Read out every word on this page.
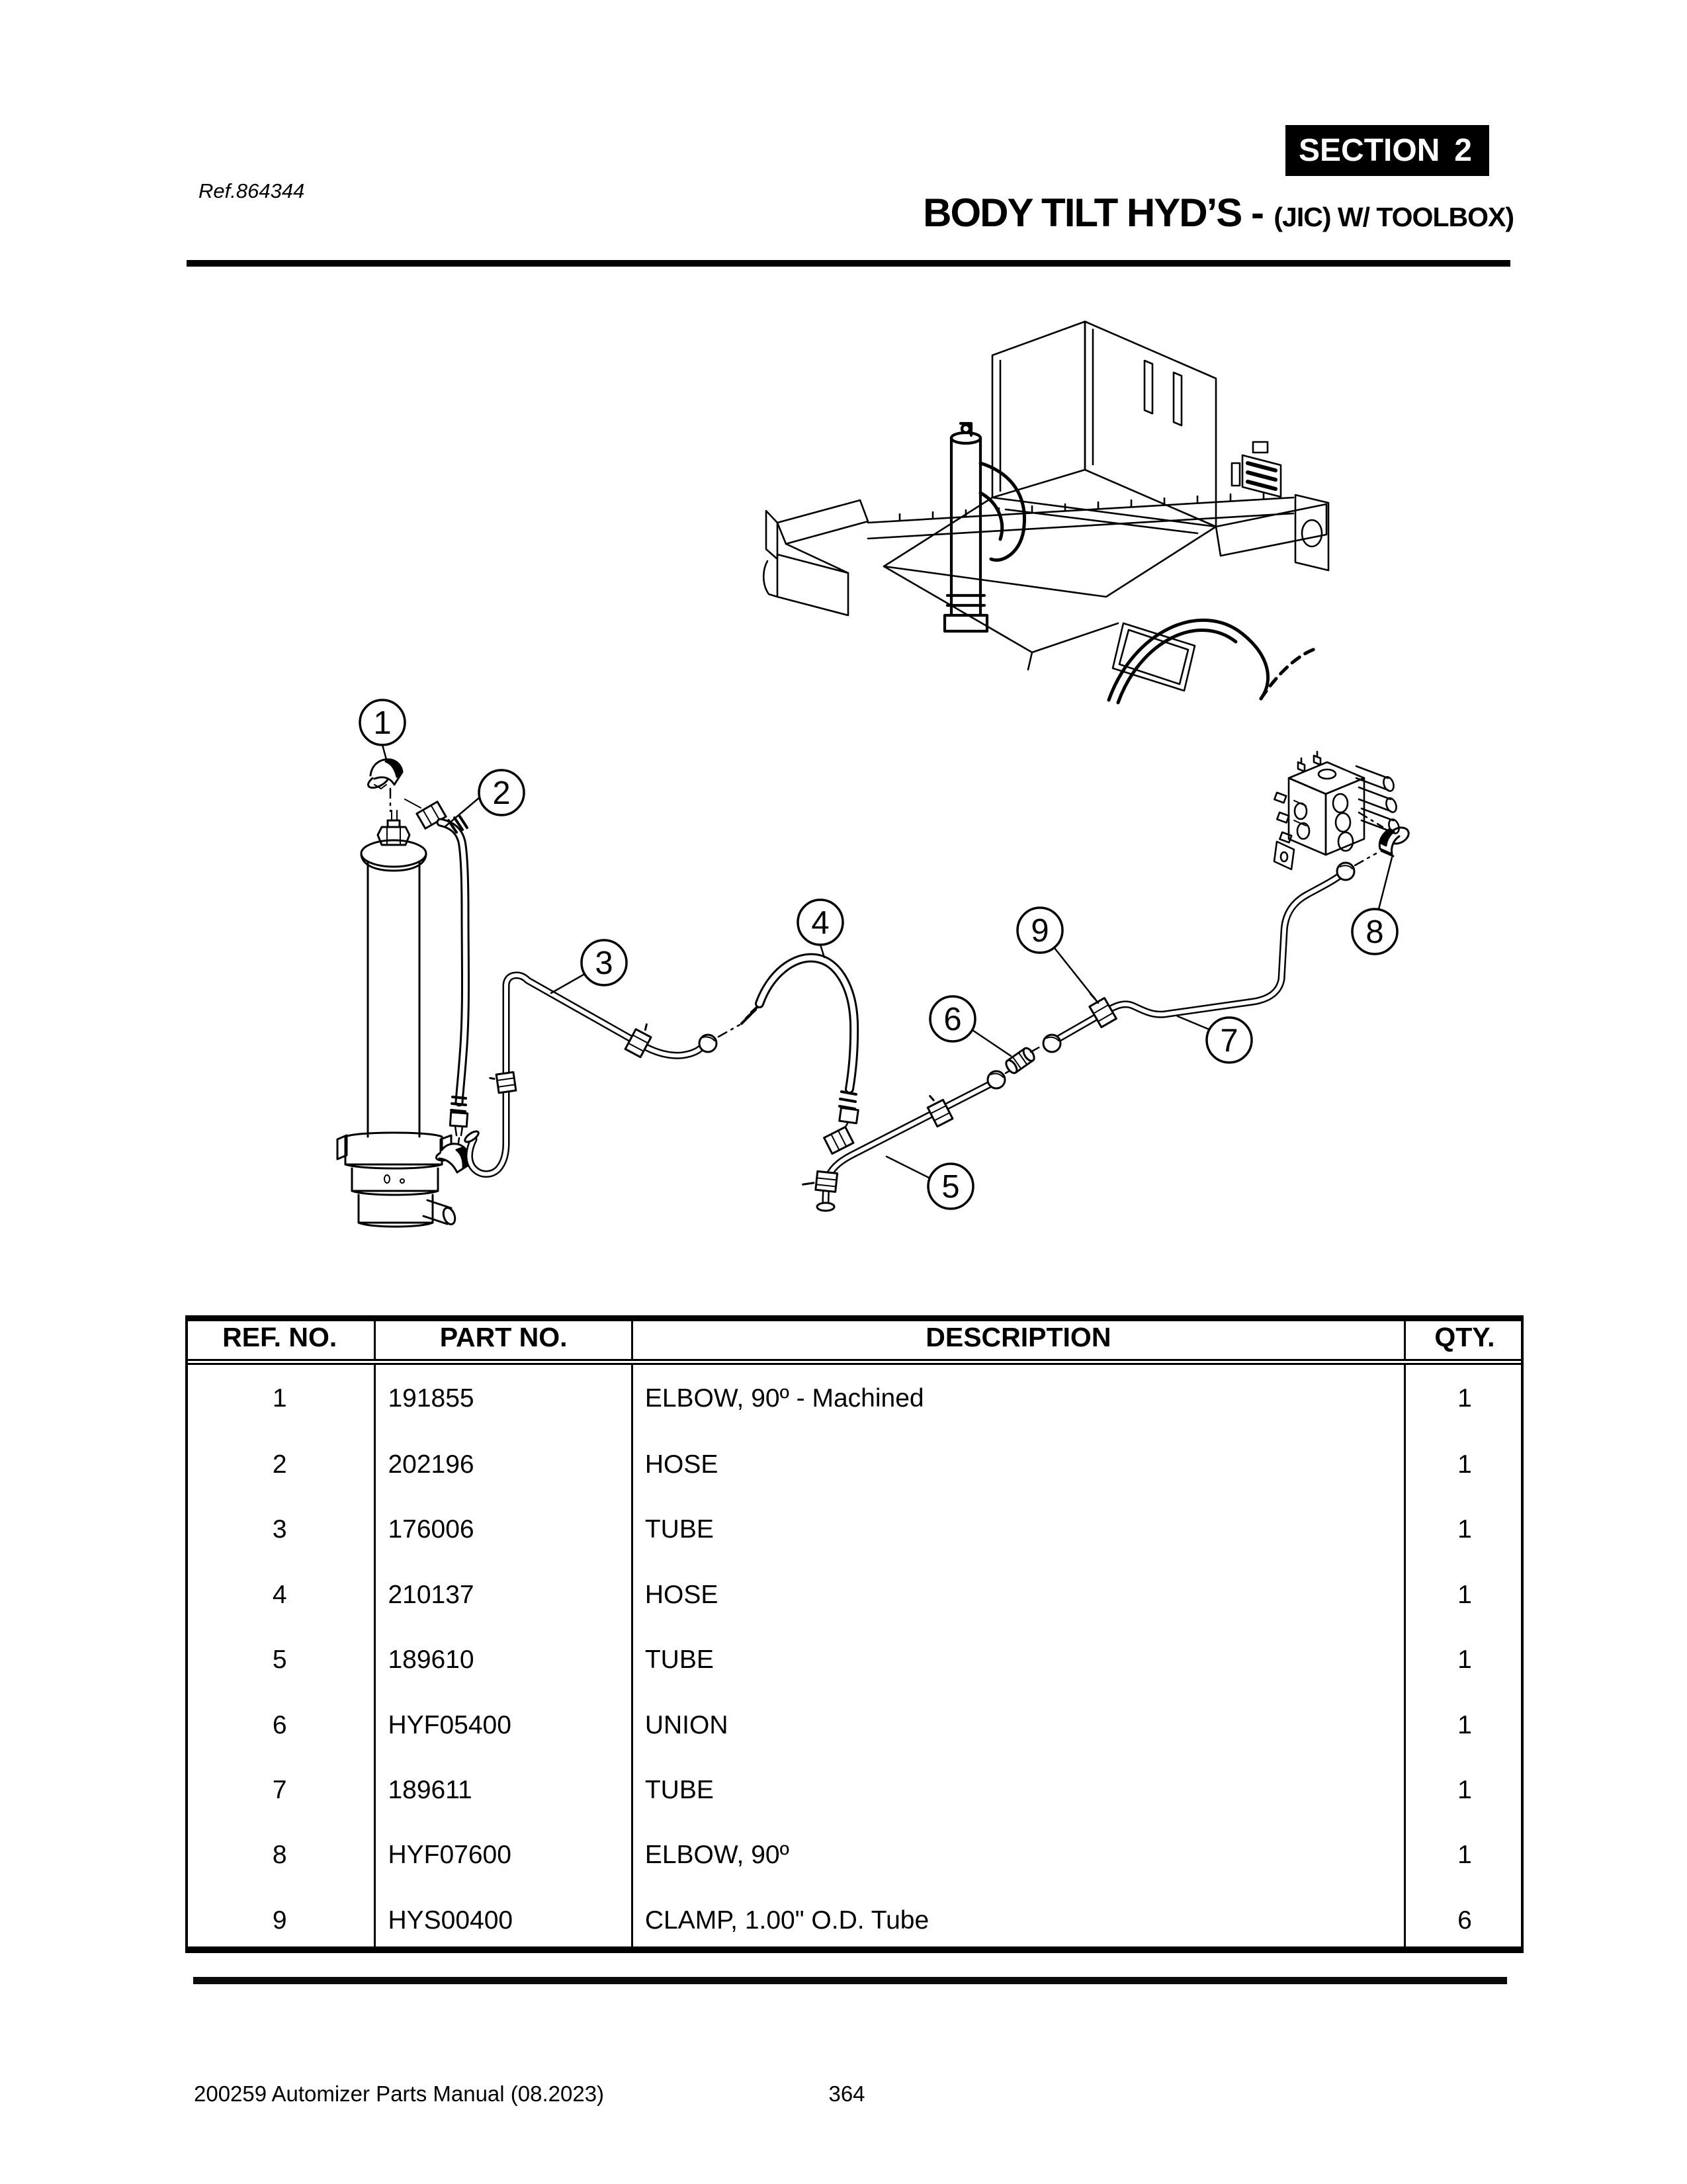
Ref.864344
SECTION 2
BODY TILT HYD’S - (JIC) W/ TOOLBOX)
1
2
3
4
5
6
7
8
9
REF. NO.	PART NO.	DESCRIPTION	QTY.
1	191855	ELBOW, 90º - Machined	1
2	202196	HOSE	1
3	176006	TUBE	1
4	210137	HOSE	1
5	189610	TUBE	1
6	HYF05400	UNION	1
7	189611	TUBE	1
8	HYF07600	ELBOW, 90º	1
9	HYS00400	CLAMP, 1.00" O.D. Tube	6

200259 Automizer Parts Manual (08.2023)	364
